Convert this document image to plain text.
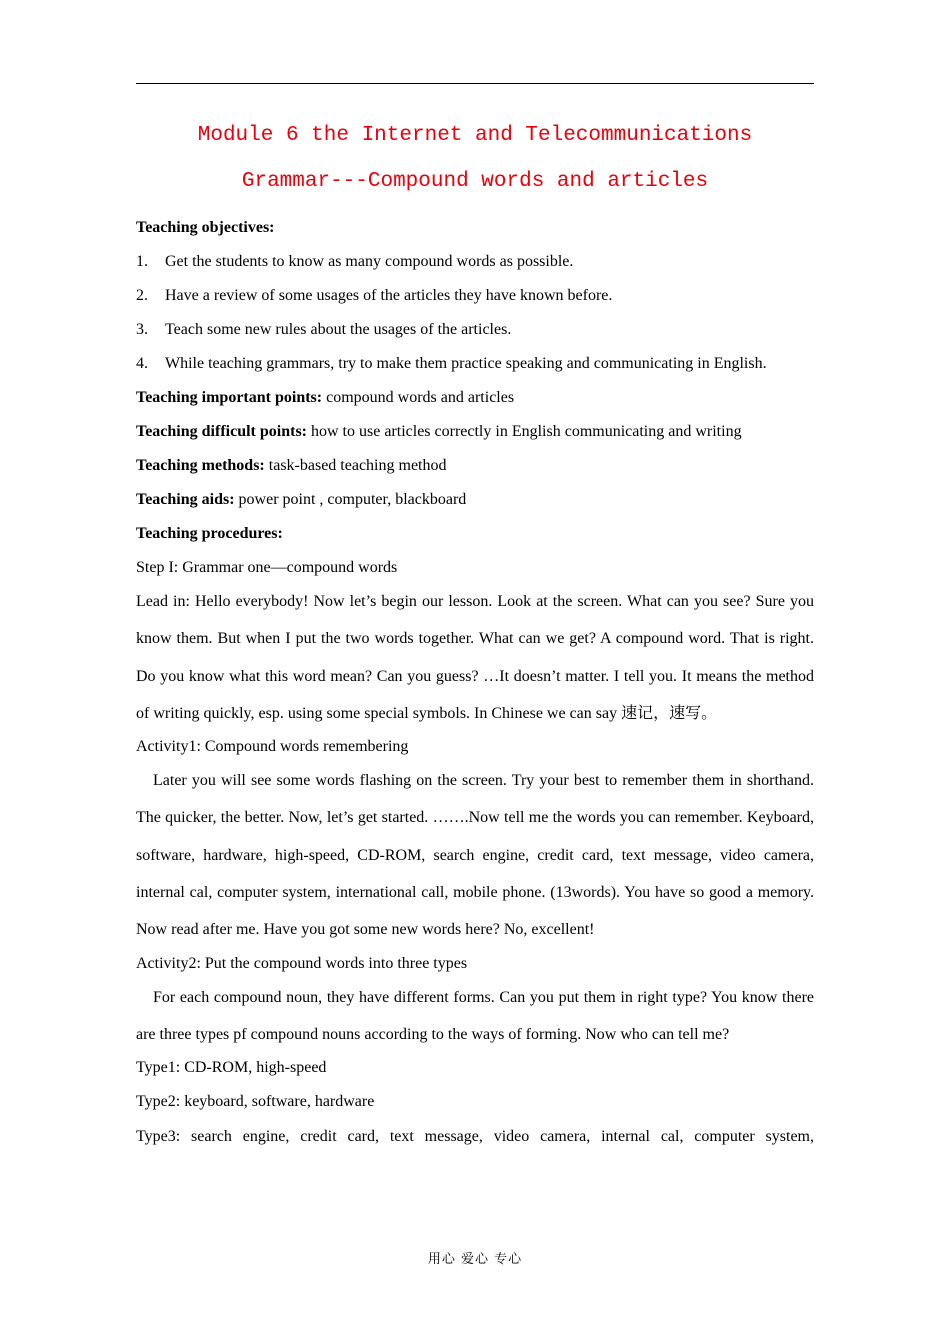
Module 6 the Internet and Telecommunications
Grammar---Compound words and articles
Teaching objectives:
1. Get the students to know as many compound words as possible.
2. Have a review of some usages of the articles they have known before.
3. Teach some new rules about the usages of the articles.
4. While teaching grammars, try to make them practice speaking and communicating in English.
Teaching important points: compound words and articles
Teaching difficult points: how to use articles correctly in English communicating and writing
Teaching methods: task-based teaching method
Teaching aids: power point , computer, blackboard
Teaching procedures:
Step I: Grammar one—compound words
Lead in: Hello everybody! Now let’s begin our lesson. Look at the screen. What can you see? Sure you know them. But when I put the two words together. What can we get? A compound word. That is right. Do you know what this word mean? Can you guess? …It doesn’t matter. I tell you. It means the method of writing quickly, esp. using some special symbols. In Chinese we can say 速记，速写。
Activity1: Compound words remembering
Later you will see some words flashing on the screen. Try your best to remember them in shorthand. The quicker, the better. Now, let’s get started. …….Now tell me the words you can remember. Keyboard, software, hardware, high-speed, CD-ROM, search engine, credit card, text message, video camera, internal cal, computer system, international call, mobile phone. (13words). You have so good a memory. Now read after me. Have you got some new words here? No, excellent!
Activity2: Put the compound words into three types
For each compound noun, they have different forms. Can you put them in right type? You know there are three types pf compound nouns according to the ways of forming. Now who can tell me?
Type1: CD-ROM, high-speed
Type2: keyboard, software, hardware
Type3: search engine, credit card, text message, video camera, internal cal, computer system,
用心 爱心 专心
